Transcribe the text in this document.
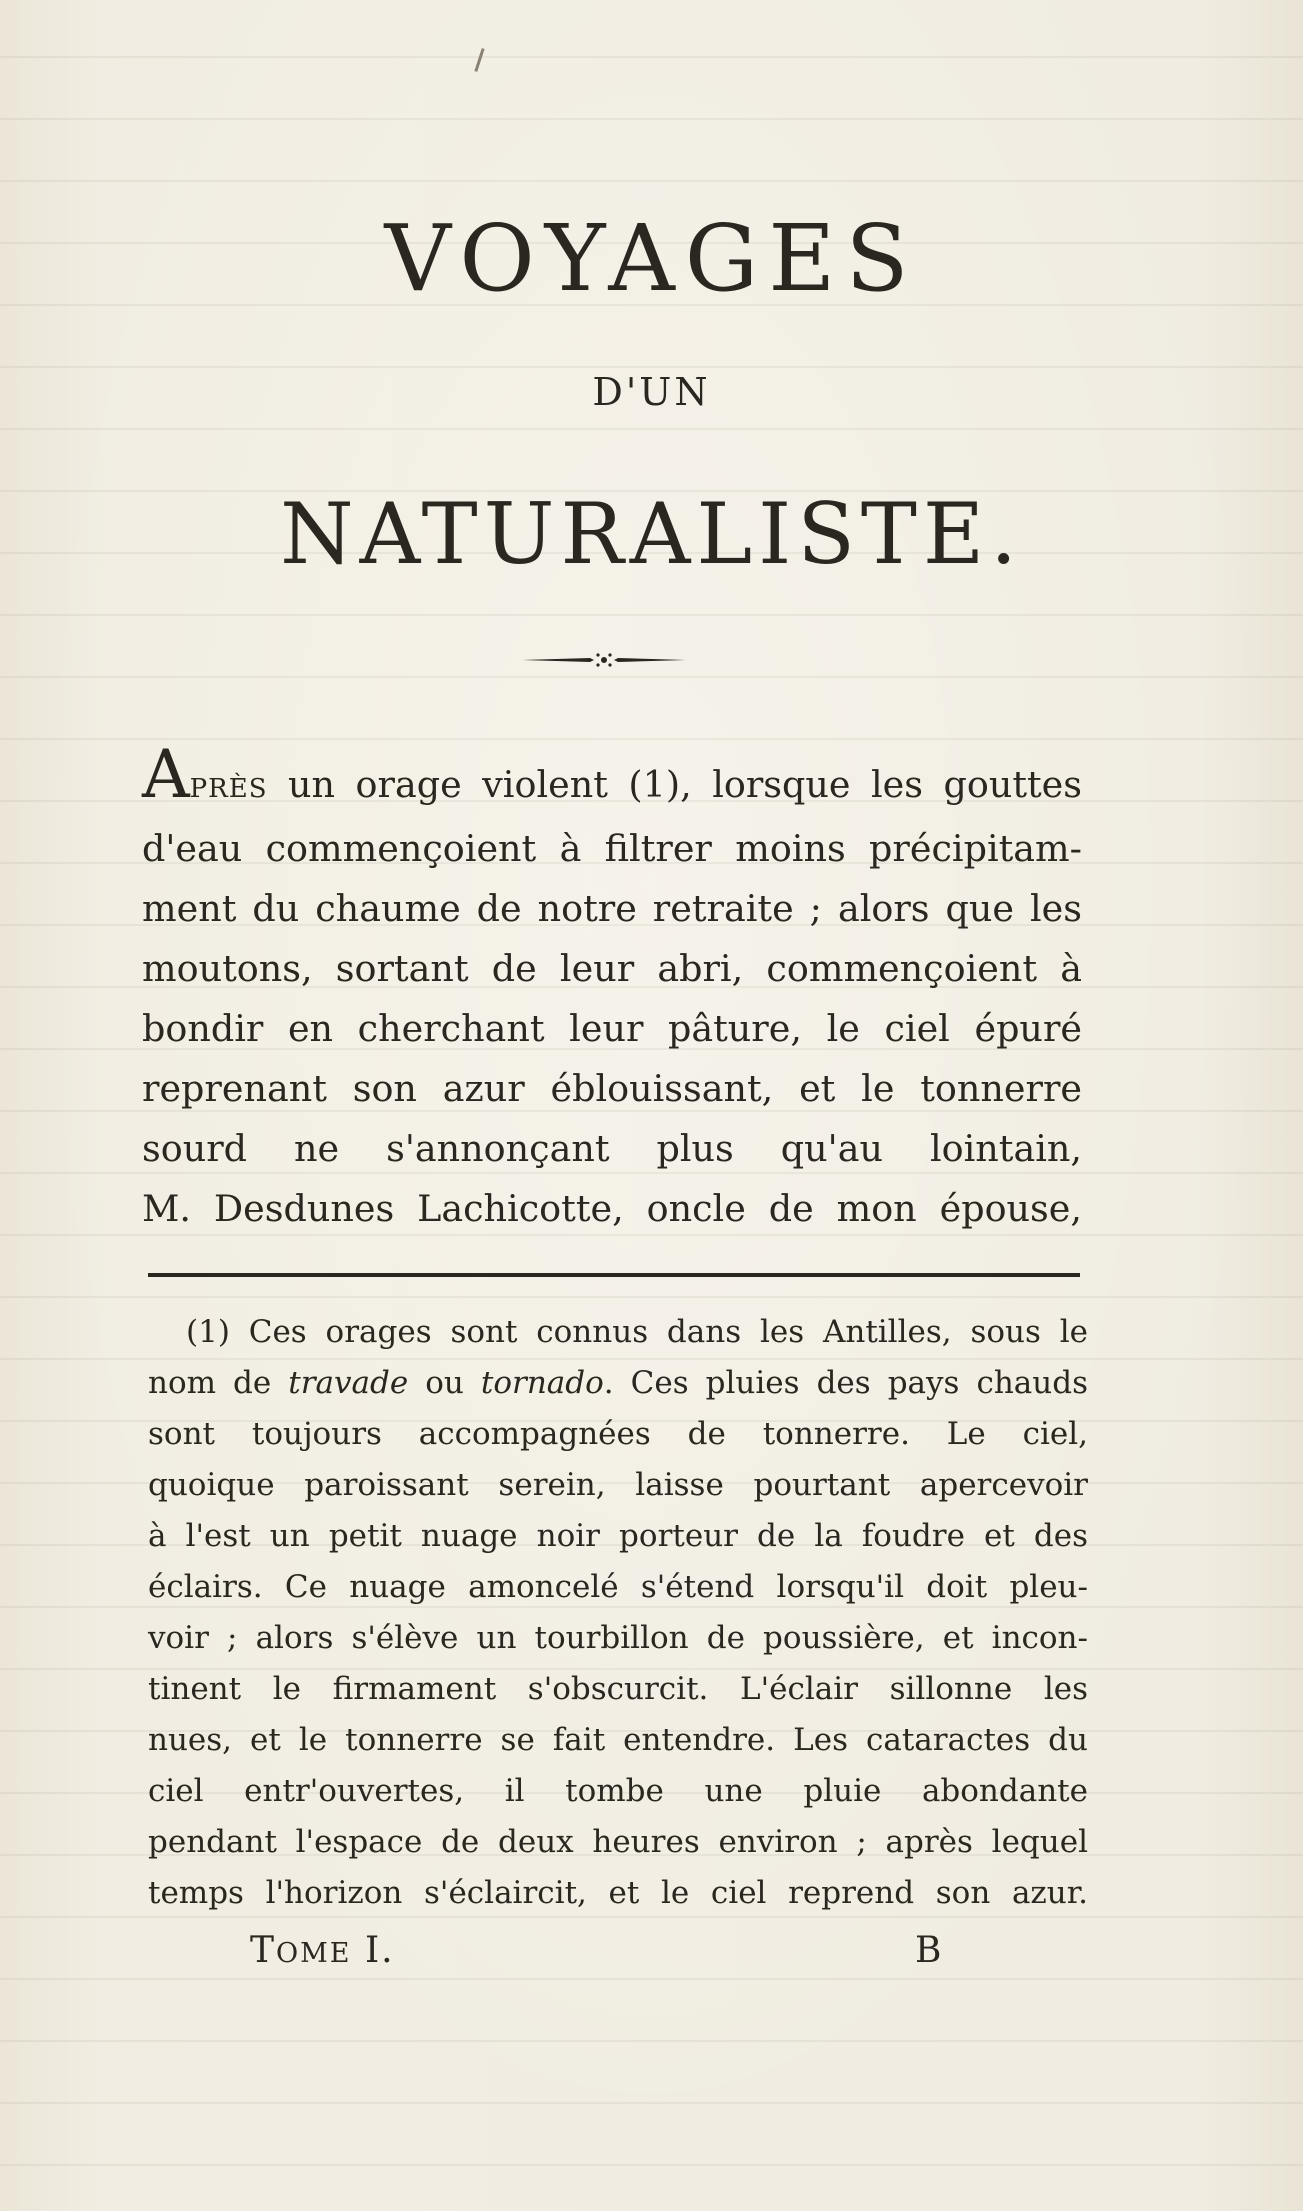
VOYAGES
D'UN
NATURALISTE.
APRÈS un orage violent (1), lorsque les gouttes
d'eau commençoient à filtrer moins précipitam-
ment du chaume de notre retraite ; alors que les
moutons, sortant de leur abri, commençoient à
bondir en cherchant leur pâture, le ciel épuré
reprenant son azur éblouissant, et le tonnerre
sourd ne s'annonçant plus qu'au lointain,
M. Desdunes Lachicotte, oncle de mon épouse,
(1) Ces orages sont connus dans les Antilles, sous le
nom de travade ou tornado. Ces pluies des pays chauds
sont toujours accompagnées de tonnerre. Le ciel,
quoique paroissant serein, laisse pourtant apercevoir
à l'est un petit nuage noir porteur de la foudre et des
éclairs. Ce nuage amoncelé s'étend lorsqu'il doit pleu-
voir ; alors s'élève un tourbillon de poussière, et incon-
tinent le firmament s'obscurcit. L'éclair sillonne les
nues, et le tonnerre se fait entendre. Les cataractes du
ciel entr'ouvertes, il tombe une pluie abondante
pendant l'espace de deux heures environ ; après lequel
temps l'horizon s'éclaircit, et le ciel reprend son azur.
TOME I.	B
